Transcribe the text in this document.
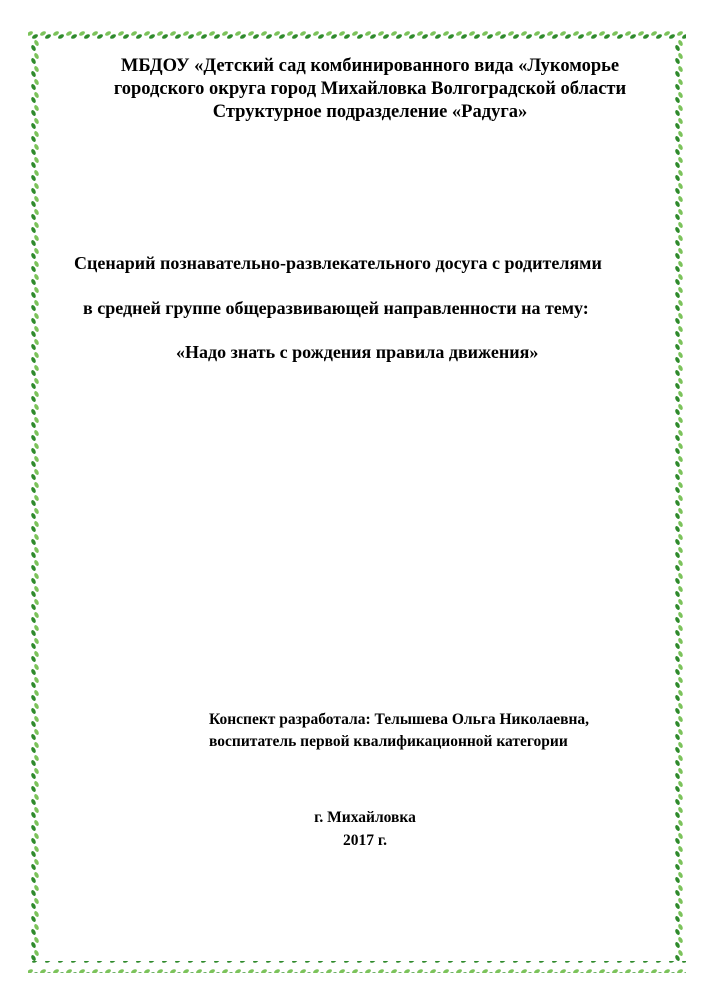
МБДОУ «Детский сад комбинированного вида «Лукоморье
городского округа город Михайловка Волгоградской области
Структурное подразделение «Радуга»
Сценарий познавательно-развлекательного досуга с родителями
в средней группе общеразвивающей направленности на тему:
«Надо знать с рождения правила движения»
Конспект разработала: Телышева Ольга Николаевна,
воспитатель первой квалификационной категории
г. Михайловка
2017 г.
